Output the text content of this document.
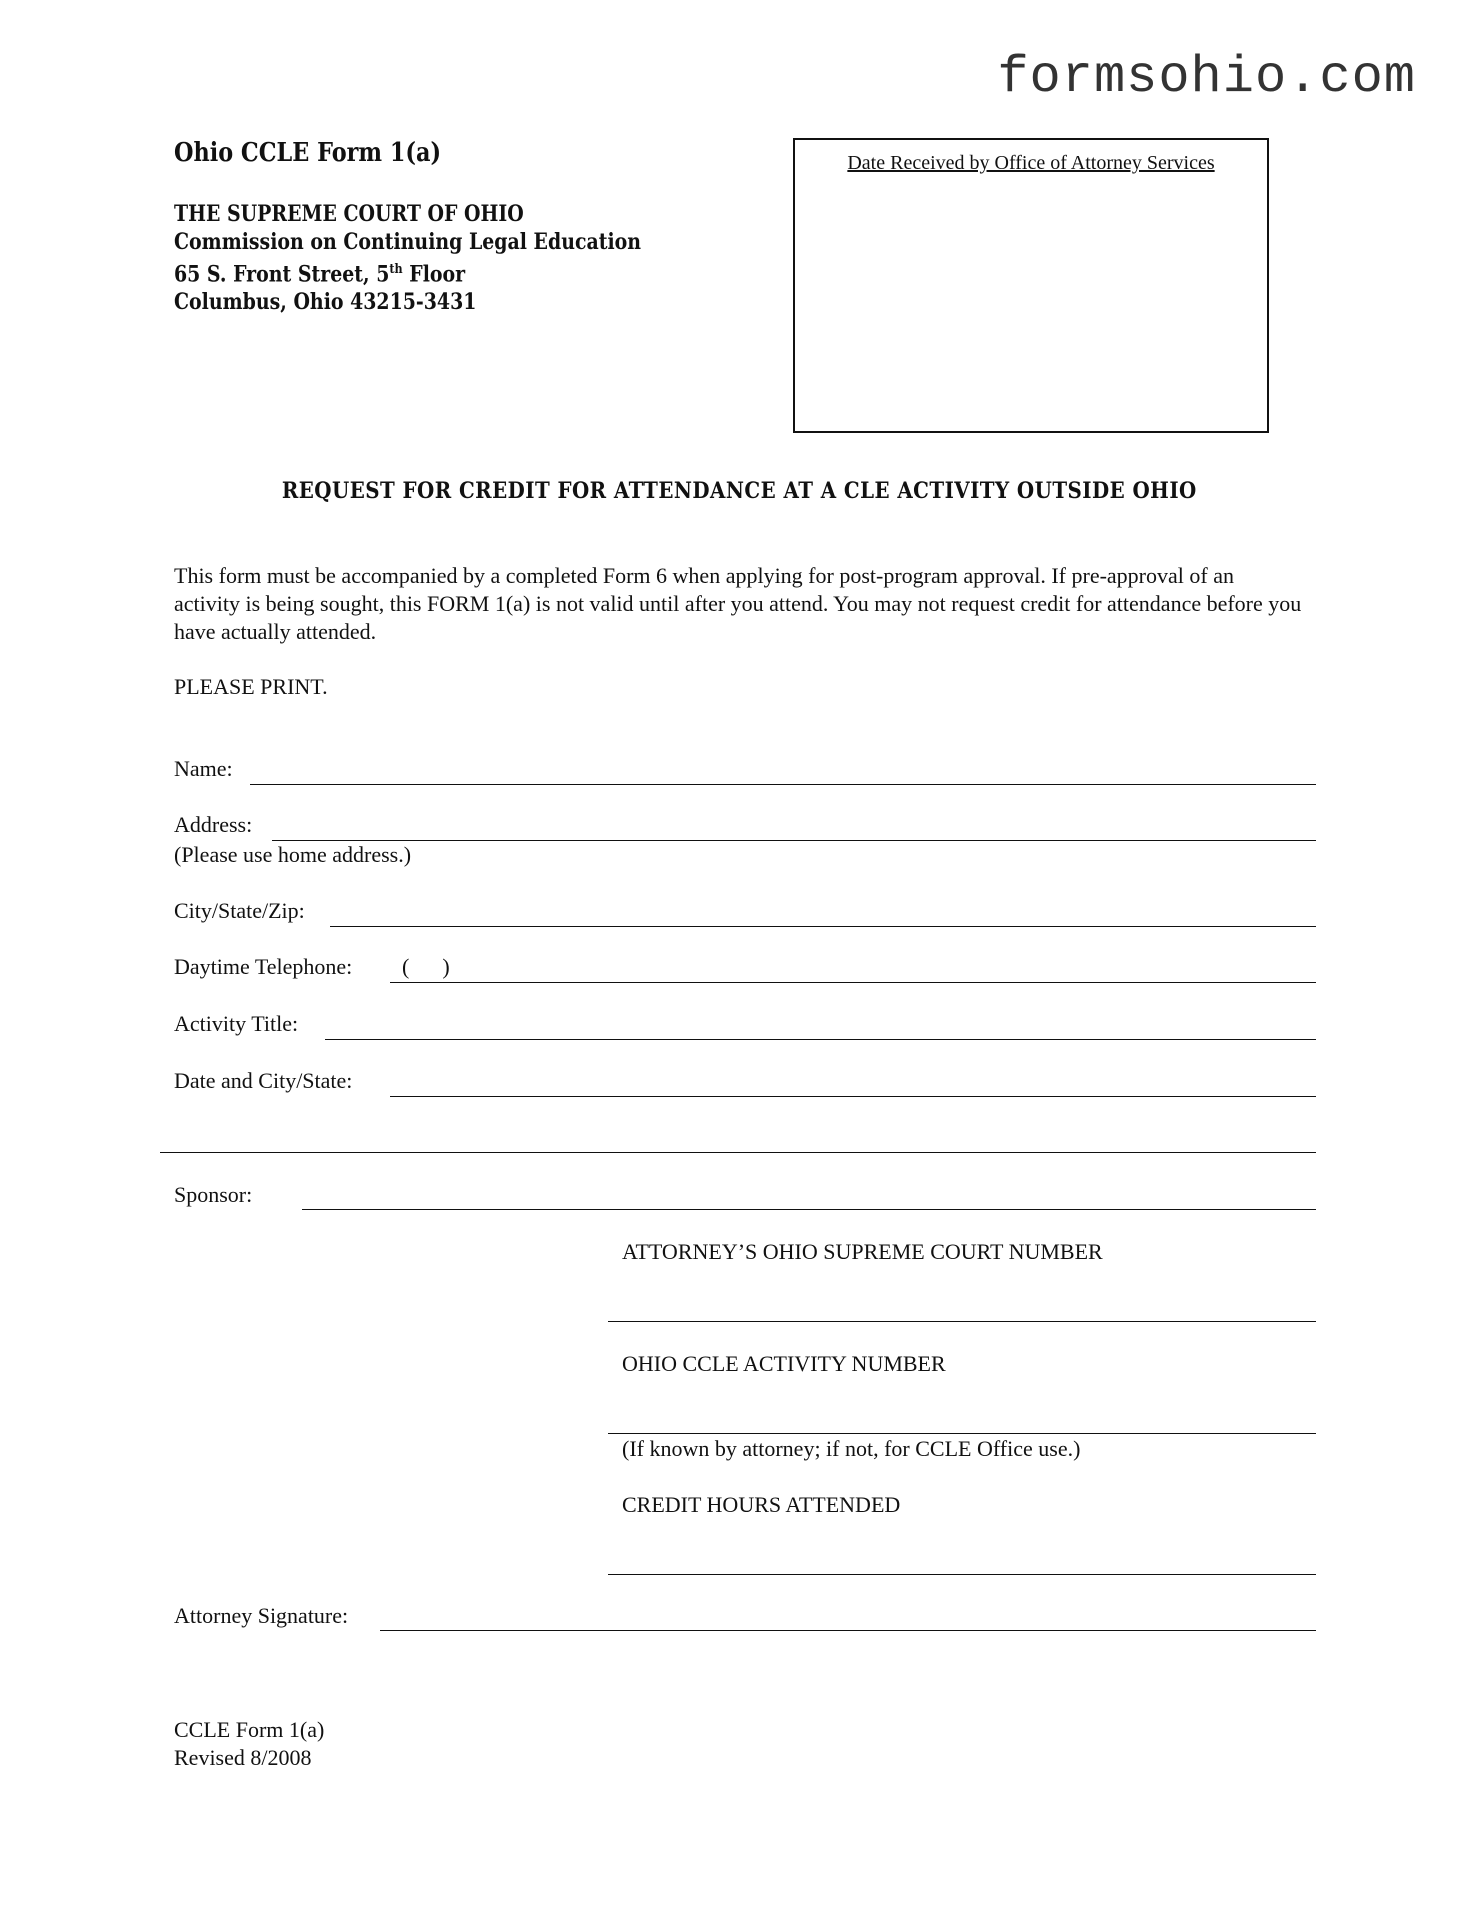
formsohio.com
Ohio CCLE Form 1(a)
THE SUPREME COURT OF OHIO
Commission on Continuing Legal Education
65 S. Front Street, 5th Floor
Columbus, Ohio 43215-3431
Date Received by Office of Attorney Services
REQUEST FOR CREDIT FOR ATTENDANCE AT A CLE ACTIVITY OUTSIDE OHIO
This form must be accompanied by a completed Form 6 when applying for post-program approval. If pre-approval of an activity is being sought, this FORM 1(a) is not valid until after you attend. You may not request credit for attendance before you have actually attended.
PLEASE PRINT.
Name:
Address:
(Please use home address.)
City/State/Zip:
Daytime Telephone: (      )
Activity Title:
Date and City/State:
Sponsor:
ATTORNEY’S OHIO SUPREME COURT NUMBER
OHIO CCLE ACTIVITY NUMBER
(If known by attorney; if not, for CCLE Office use.)
CREDIT HOURS ATTENDED
Attorney Signature:
CCLE Form 1(a)
Revised 8/2008
